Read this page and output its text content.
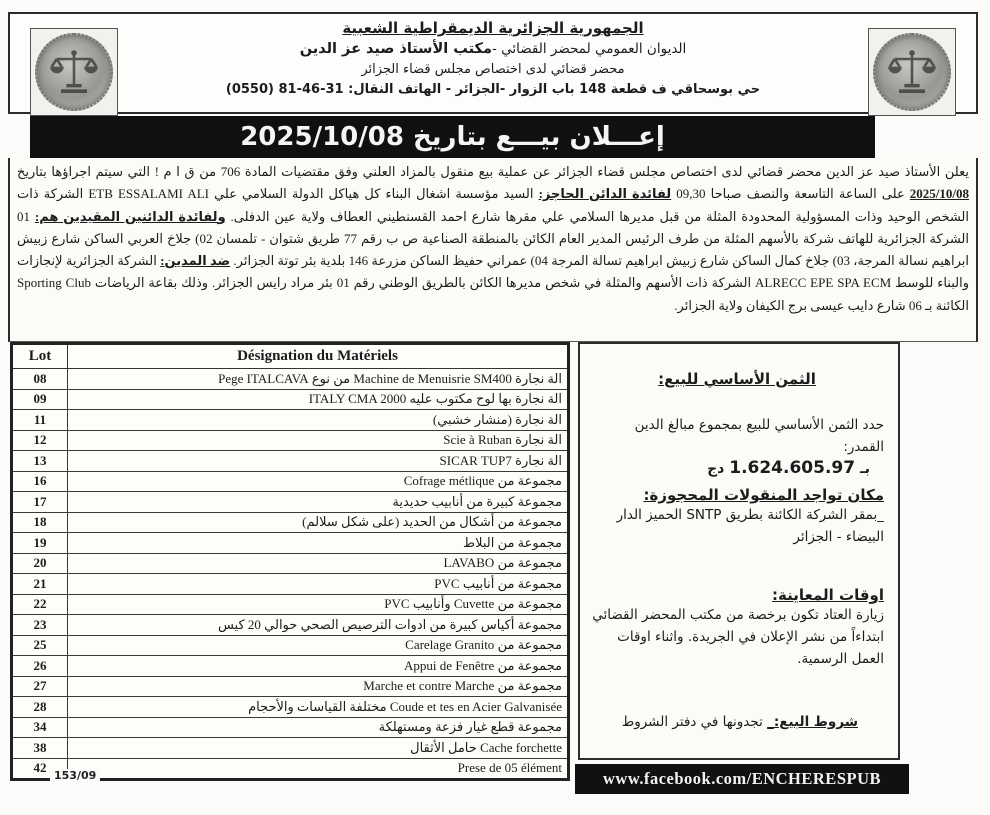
الجمهورية الجزائرية الديمقراطية الشعبية
الديوان العمومي لمحضر القضائي -مكتب الأستاذ صيد عز الدين
محضر قضائي لدى اختصاص مجلس قضاء الجزائر
حي بوسحاقي ف قطعة 148 باب الزوار -الجزائر - الهاتف النقال: 31-46-81 (0550)
إعـــلان بيـــع بتاريخ 2025/10/08
يعلن الأستاذ صيد عز الدين محضر قضائي لدى اختصاص مجلس قضاء الجزائر عن عملية بيع منقول بالمزاد العلني وفق مقتضيات المادة 706 من ق ا م ! التي سيتم اجراؤها بتاريخ 2025/10/08 على الساعة التاسعة والنصف صباحا 09,30 لفائدة الدائن الحاجز: السيد مؤسسة اشغال البناء كل هياكل الدولة السلامي علي ETB ESSALAMI ALI الشركة ذات الشخص الوحيد وذات المسؤولية المحدودة المثلة من قبل مديرها السلامي علي مقرها شارع احمد القسنطيني العطاف ولاية عين الدفلى. ولفائدة الدائنين المقيدين هم: 01 الشركة الجزائرية للهاتف شركة بالأسهم المثلة من طرف الرئيس المدير العام الكائن بالمنطقة الصناعية ص ب رقم 77 طريق شتوان - تلمسان 02) جلاخ العربي الساكن شارع زبيش ابراهيم نسالة المرجة، 03) جلاخ كمال الساكن شارع زبيش ابراهيم تسالة المرجة 04) عمراني حفيظ الساكن مزرعة 146 بلدية بئر توتة الجزائر. ضد المدين: الشركة الجزائرية لإنجازات والبناء للوسط ALRECC EPE SPA ECM الشركة ذات الأسهم والمثلة في شخص مديرها الكائن بالطريق الوطني رقم 01 بئر مراد رايس الجزائر. وذلك بقاعة الرياضات Sporting Club الكائنة بـ 06 شارع دايب عيسى برج الكيفان ولاية الجزائر.
Lot	Désignation du Matériels
08	الة نجارة Machine de Menuisrie SM400 من نوع Pege ITALCAVA
09	الة نجارة بها لوح مكتوب عليه ITALY CMA 2000
11	الة نجارة (منشار خشبي)
12	الة نجارة Scie à Ruban
13	الة نجارة SICAR TUP7
16	مجموعة من Cofrage métlique
17	مجموعة كبيرة من أنابيب حديدية
18	مجموعة من أشكال من الحديد (على شكل سلالم)
19	مجموعة من البلاط
20	مجموعة من LAVABO
21	مجموعة من أنابيب PVC
22	مجموعة من Cuvette وأنابيب PVC
23	مجموعة أكياس كبيرة من ادوات الترصيص الصحي حوالي 20 كيس
25	مجموعة من Carelage Granito
26	مجموعة من Appui de Fenêtre
27	مجموعة من Marche et contre Marche
28	Coude et tes en Acier Galvanisée مختلفة القياسات والأحجام
34	مجموعة قطع غيار فزعة ومستهلكة
38	Cache forchette حامل الأثقال
42	Prese de 05 élément
153/09
الثمن الأساسي للبيع:
حدد الثمن الأساسي للبيع بمجموع مبالغ الدين القمدر:
بـ 1.624.605.97 دج
مكان تواجد المنقولات المحجوزة:
_بمقر الشركة الكائنة بطريق SNTP الحميز الدار البيضاء - الجزائر
اوقات المعاينة:
زيارة العتاد تكون برخصة من مكتب المحضر القضائي ابتداءاً من نشر الإعلان في الجريدة. واثناء اوقات العمل الرسمية.
شروط البيع:_ تجدونها في دفتر الشروط
www.facebook.com/ENCHERESPUB
